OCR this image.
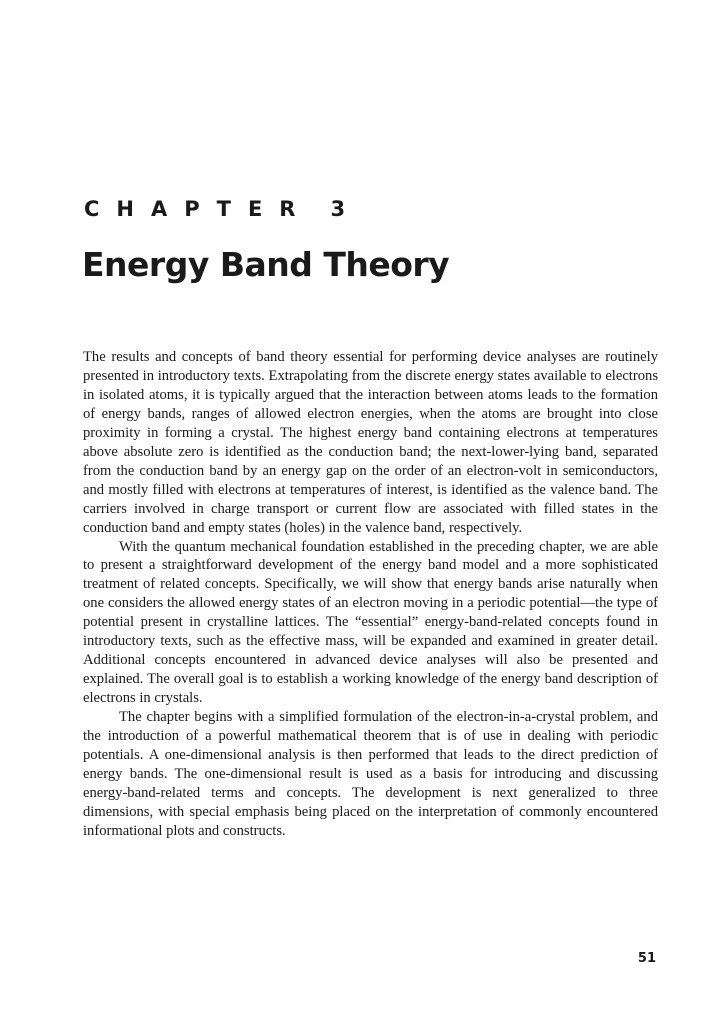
CHAPTER 3
Energy Band Theory

The results and concepts of band theory essential for performing device analyses are routinely presented in introductory texts. Extrapolating from the discrete energy states available to electrons in isolated atoms, it is typically argued that the interaction between atoms leads to the formation of energy bands, ranges of allowed electron energies, when the atoms are brought into close proximity in forming a crystal. The highest energy band containing electrons at temperatures above absolute zero is identified as the conduction band; the next-lower-lying band, separated from the conduction band by an energy gap on the order of an electron-volt in semiconductors, and mostly filled with electrons at temperatures of interest, is identified as the valence band. The carriers involved in charge transport or current flow are associated with filled states in the conduction band and empty states (holes) in the valence band, respectively.

With the quantum mechanical foundation established in the preceding chapter, we are able to present a straightforward development of the energy band model and a more sophisticated treatment of related concepts. Specifically, we will show that energy bands arise naturally when one considers the allowed energy states of an electron moving in a periodic potential—the type of potential present in crystalline lattices. The “essential” energy-band-related concepts found in introductory texts, such as the effective mass, will be expanded and examined in greater detail. Additional concepts encountered in advanced device analyses will also be presented and explained. The overall goal is to establish a working knowledge of the energy band description of electrons in crystals.

The chapter begins with a simplified formulation of the electron-in-a-crystal problem, and the introduction of a powerful mathematical theorem that is of use in dealing with periodic potentials. A one-dimensional analysis is then performed that leads to the direct prediction of energy bands. The one-dimensional result is used as a basis for introducing and discussing energy-band-related terms and concepts. The development is next generalized to three dimensions, with special emphasis being placed on the interpretation of commonly encountered informational plots and constructs.

51
